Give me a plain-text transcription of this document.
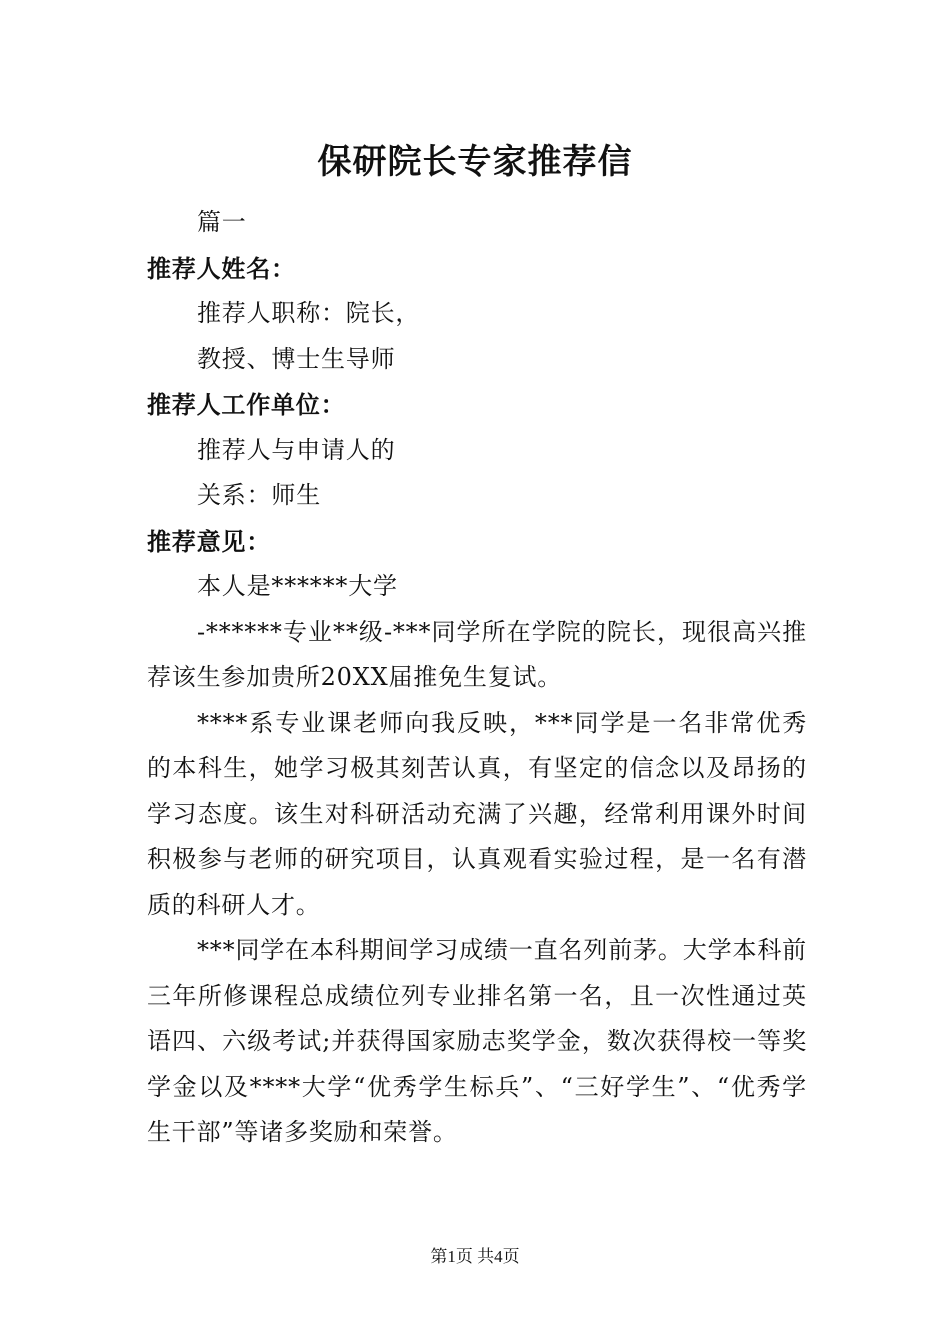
保研院长专家推荐信

篇一

推荐人姓名：

推荐人职称：院长，

教授、博士生导师

推荐人工作单位：

推荐人与申请人的

关系：师生

推荐意见：

本人是******大学

-******专业**级-***同学所在学院的院长，现很高兴推荐该生参加贵所20XX届推免生复试。

****系专业课老师向我反映，***同学是一名非常优秀的本科生，她学习极其刻苦认真，有坚定的信念以及昂扬的学习态度。该生对科研活动充满了兴趣，经常利用课外时间积极参与老师的研究项目，认真观看实验过程，是一名有潜质的科研人才。

***同学在本科期间学习成绩一直名列前茅。大学本科前三年所修课程总成绩位列专业排名第一名，且一次性通过英语四、六级考试;并获得国家励志奖学金，数次获得校一等奖学金以及****大学“优秀学生标兵”、“三好学生”、“优秀学生干部”等诸多奖励和荣誉。

第1页 共4页
